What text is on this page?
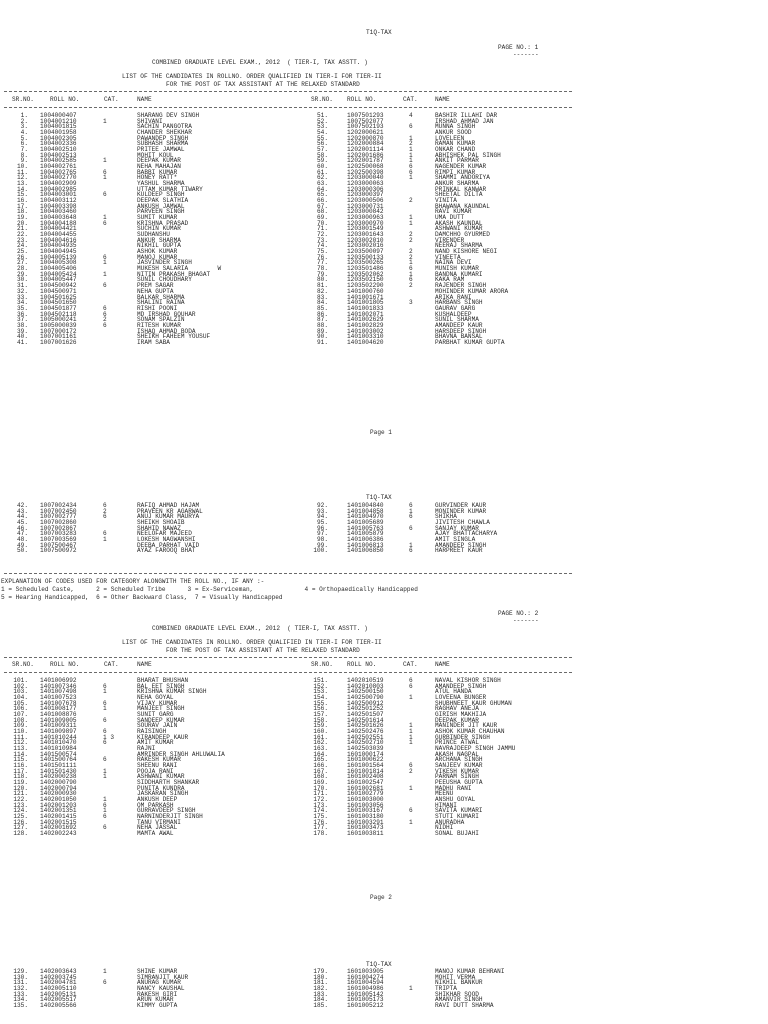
T1Q-TAX
PAGE NO.: 1
-------
COMBINED GRADUATE LEVEL EXAM., 2012  ( TIER-I, TAX ASSTT. )
LIST OF THE CANDIDATES IN ROLLNO. ORDER QUALIFIED IN TIER-I FOR TIER-II
FOR THE POST OF TAX ASSISTANT AT THE RELAXED STANDARD
SR.NO.	ROLL NO.	CAT.	NAME	SR.NO. ROLL NO.	CAT.	NAME
1. 1004000407	SHARANG DEV SINGH
2. 1004001210	1	SHIVANI
3. 1004001815	SACHIN PANGOTRA
4. 1004001958	CHANDER SHEKHAR
5. 1004002305	PAWANDEP SINGH
6. 1004002336	SUBHASH SHARMA
7. 1004002510	PRITEE JAMWAL
8. 1004002513	MOHIT KOUL
9. 1004002585	1	DEEPAK KUMAR
10. 1004002761	NEHA MAHAJAN
11. 1004002765	6	BABBI KUMAR
12. 1004002770	1	HONEY RATT*
13. 1004002909	YASHUL SHARMA
14. 1004002985	UTTAM KUMAR TIWARY
15. 1004003001	6	KULDEEP SINGH
16. 1004003112	DEEPAK SLATHIA
17. 1004003398	ANKUSH JAMWAL
18. 1004003460	PARVEEN SINGH
19. 1004003648	1	SUMIT KUMAR
20. 1004004188	6	KRISHNA PRASAD
21. 1004004421	SUCHIN KUMAR
22. 1004004455	SUDHANSHU
23. 1004004616	ANKUR SHARMA
24. 1004004935	NIKHIL GUPTA
25. 1004004945	ASHOK KUMAR
26. 1004005139	6	MANOJ KUMAR
27. 1004005308	1	JASVINDER SINGH
28. 1004005406	MUKESH SALARIA        W
29. 1004005424	1	NITIN PRAKASH BHAGAT
30. 1004005447	SUNIL CHOUDHARY
31. 1004500942	6	PREM SAGAR
32. 1004500971	NEHA GUPTA
33. 1004501625	BALKAR SHARMA
34. 1004501650	SHALINI RAINA
35. 1004501877	6	RISHI POONI
36. 1004502118	6	MD IRSHAD GOUHAR
37. 1005000241	2	SONAM SPALZIN
38. 1005000039	6	RITESH KUMAR
39. 1007000172	ISHAQ AHMAD BODA
40. 1007001161	SHEIKH FAHEEM YOUSUF
41. 1007001626	IRAM SABA
51.	1007501293	4	BASHIR ILLAHI DAR
52.	1007502077	IRSHAD AHMAD JAN
53.	1007502193	6	MUNNA SINGH
54.	1202000621	ANKUR SOOD
55.	1202000870	1	LOVELEEN
56.	1202000884	2	RAMAN KUMAR
57.	1202001114	1	ONKAR CHAND
58.	1202001686	1	ABHISHEK PAL SINGH
59.	1202001787	1	ANKIT PARMAR
60.	1202500068	6	NAGENDER KUMAR
61.	1202500398	6	RIMPI KUMAR
62.	1203000040	1	SHAMMI ANDORIYA
63.	1203000063	ANKUR SHARMA
64.	1203000306	PRINKAL KANWAR
65.	1203000397	SHEETAL DILTA
66.	1203000506	2	VINITA
67.	1203000731	BHAWANA KAUNDAL
68.	1203000842	RAVI KUMAR
69.	1203000963	1	UMA DUTT
70.	1203000970	1	AKASH KAUNDAL
71.	1203001549	ASHWANI KUMAR
72.	1203001643	2	DAMCHHO GYURMED
73.	1203002010	2	VIRENDER
74.	1203002016	NEERAJ SHARMA
75.	1203500097	2	NAND KISHORE NEGI
76.	1203500133	2	VINEETA
77.	1203500265	1	NAINA DEVI
78.	1203501486	6	MUNISH KUMAR
79.	1203502062	1	BANDNA KUMARI
80.	1203502150	6	KAKA RAM
81.	1203502290	2	RAJENDER SINGH
82.	1401000760	MOHINDER KUMAR ARORA
83.	1401001671	ARIKA RANI
84.	1401001805	3	HARBANS SINGH
85.	1401001833	GAURAV GARG
86.	1401002071	KUSHALDEEP
87.	1401002629	SUNIL SHARMA
88.	1401002829	AMANDEEP KAUR
89.	1401003002	HARSDEEP SINGH
90.	1401003310	BHAVNA BANSAL
91.	1401004620	PARBHAT KUMAR GUPTA
Page 1
T1Q-TAX
42. 1007002434	6	RAFIQ AHMAD HAJAM
43. 1007002450	2	PRAVEEN KR AGARWAL
44. 1007002777	6	ANUJ KUMAR MAURYA
45. 1007002860	SHEIKH SHOAIB
46. 1007002867	SHAHID NAWAZ
47. 1007003283	6	NEELOFAR MAJEED
48. 1007003569	1	LOKESH NAGWANSHI
49. 1007500467	DEEBA PARHAT VAID
50. 1007500972	AYAZ FAROOQ BHAT
92.	1401004840	6	GURVINDER KAUR
93.	1401004858	1	MONINDER KUMAR
94.	1401004970	6	SHIKHA
95.	1401005689	JIVITESH CHAWLA
96.	1401005763	6	SANJAY KUMAR
97.	1401005879	AJAY BHATTACHARYA
98.	1401006386	AMIT SINGLA
99.	1401006813	1	AMANDEEP SINGH
100.	1401006850	6	HARPREET KAUR
EXPLANATION OF CODES USED FOR CATEGORY ALONGWITH THE ROLL NO., IF ANY :-
1 = Scheduled Caste,      2 = Scheduled Tribe      3 = Ex-Serviceman,              4 = Orthopaedically Handicapped
5 = Hearing Handicapped,  6 = Other Backward Class,  7 = Visually Handicapped
PAGE NO.: 2
-------
COMBINED GRADUATE LEVEL EXAM., 2012  ( TIER-I, TAX ASSTT. )
LIST OF THE CANDIDATES IN ROLLNO. ORDER QUALIFIED IN TIER-I FOR TIER-II
FOR THE POST OF TAX ASSISTANT AT THE RELAXED STANDARD
SR.NO.	ROLL NO.	CAT.	NAME	SR.NO. ROLL NO.	CAT.	NAME
101. 1401006992	BHARAT BHUSHAN
102. 1401007346	6	BAL EET SINGH
103. 1401007498	1	KRISHNA KUMAR SINGH
104. 1401007523	NEHA GOYAL
105. 1401007678	6	VIJAY KUMAR
106. 1401008177	1	MANJEET SINGH
107. 1401008876	SUNIT GARG
108. 1401009005	6	SANDEEP KUMAR
109. 1401009311	SOURAV JAIN
110. 1401009897	6	RAISINGH
111. 1401010244	1 3	KIRANDEEP KAUR
112. 1401010470	6	AMIT KUMAR
113. 1401010984	RAJNI
114. 1401500574	AMRINDER SINGH AHLUWALIA
115. 1401500764	6	RAKESH KUMAR
116. 1401501111	SHEENU RANI
117. 1401501430	1	POOJA RANI
118. 1402000238	1	ASHWANI KUMAR
119. 1402000790	SIDDHARTH SHANKAR
120. 1402000794	PUNITA KUNDRA
121. 1402000930	JASKARAN SINGH
122. 1402001050	1	ANKUSH DEEP
123. 1402001203	6	OM PARKASH
124. 1402001351	1	GURRAVDEEP SINGH
125. 1402001415	6	NARNINDERJIT SINGH
126. 1402001515	TANU VIRMANI
127. 1402001692	6	NEHA JASSAL
128. 1402002243	MAMTA AWAL
151.	1402010519	6	NAVAL KISHOR SINGH
152.	1402010803	6	AMANDEEP SINGH
153.	1402500150	ATUL HANDA
154.	1402500790	1	LOVEENA BUNGER
155.	1402500912	SHUBHNEET KAUR GHUMAN
156.	1402501252	RAGHAV ANEJA
157.	1402501507	GIRISH MAKHIJA
158.	1402501614	DEEPAK KUMAR
159.	1402501626	1	MANINDER JIT KAUR
160.	1402502476	1	ASHOK KUMAR CHAUHAN
161.	1402502551	1	GURBINDER SINGH
162.	1402502710	1	PRINCE ATWAL
163.	1402503039	NAVRAJDEEP SINGH JAMMU
164.	1601000174	AKASH NAGPAL
165.	1601000622	ARCHANA SINGH
166.	1601001564	6	SANJEEV KUMAR
167.	1601001814	2	VIKESH KUMAR
168.	1601002408	PARNAM SINGH
169.	1601002547	PEEUSHA GUPTA
170.	1601002681	1	MADHU RANI
171.	1601002779	MEENU
172.	1601003000	ANSHU GOYAL
173.	1601003056	HIMANI
174.	1601003167	6	SAVITA KUMARI
175.	1601003180	STUTI KUMARI
176.	1601003291	1	ANURADHA
177.	1601003473	NIDHI
178.	1601003811	SONAL BUJAHI
Page 2
T1Q-TAX
129. 1402003643	1	SHINE KUMAR
130. 1402003745	SIMRANJIT KAUR
131. 1402004781	6	ANURAG KUMAR
132. 1402005110	NANCY KAUSHAL
133. 1402005131	RAKESH GIRI
134. 1402005517	ARUN KUMAR
135. 1402005566	KIMMY GUPTA
179.	1601003905	MANOJ KUMAR BEHRANI
180.	1601004274	MOHIT VERMA
181.	1601004594	NIKHIL BANKUR
182.	1601004986	1	TRIPTA
183.	1601005142	SHIKHAR SOOD
184.	1601005173	AMANVIR SINGH
185.	1601005212	RAVI DUTT SHARMA
